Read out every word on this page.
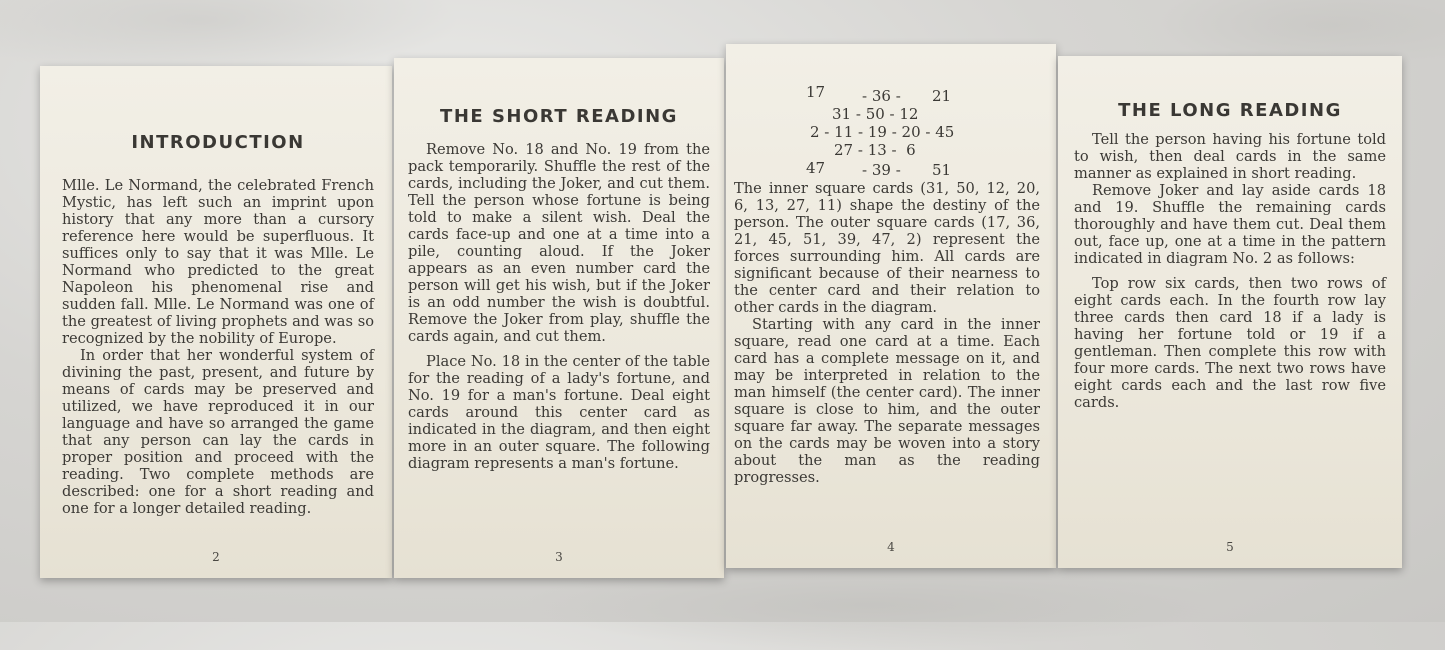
INTRODUCTION

Mlle. Le Normand, the celebrated French Mystic, has left such an imprint upon history that any more than a cursory reference here would be superfluous. It suffices only to say that it was Mlle. Le Normand who predicted to the great Napoleon his phenomenal rise and sudden fall. Mlle. Le Normand was one of the greatest of living prophets and was so recognized by the nobility of Europe.

In order that her wonderful system of divining the past, present, and future by means of cards may be preserved and utilized, we have reproduced it in our language and have so arranged the game that any person can lay the cards in proper position and proceed with the reading. Two complete methods are described: one for a short reading and one for a longer detailed reading.

2
THE SHORT READING

Remove No. 18 and No. 19 from the pack temporarily. Shuffle the rest of the cards, including the Joker, and cut them. Tell the person whose fortune is being told to make a silent wish. Deal the cards face-up and one at a time into a pile, counting aloud. If the Joker appears as an even number card the person will get his wish, but if the Joker is an odd number the wish is doubtful. Remove the Joker from play, shuffle the cards again, and cut them.

Place No. 18 in the center of the table for the reading of a lady's fortune, and No. 19 for a man's fortune. Deal eight cards around this center card as indicated in the diagram, and then eight more in an outer square. The following diagram represents a man's fortune.

3
17 - 36 - 21
31 - 50 - 12
2 - 11 - 19 - 20 - 45
27 - 13 -  6
47 - 39 - 51

The inner square cards (31, 50, 12, 20, 6, 13, 27, 11) shape the destiny of the person. The outer square cards (17, 36, 21, 45, 51, 39, 47, 2) represent the forces surrounding him. All cards are significant because of their nearness to the center card and their relation to other cards in the diagram.

Starting with any card in the inner square, read one card at a time. Each card has a complete message on it, and may be interpreted in relation to the man himself (the center card). The inner square is close to him, and the outer square far away. The separate messages on the cards may be woven into a story about the man as the reading progresses.

4
THE LONG READING

Tell the person having his fortune told to wish, then deal cards in the same manner as explained in short reading.

Remove Joker and lay aside cards 18 and 19. Shuffle the remaining cards thoroughly and have them cut. Deal them out, face up, one at a time in the pattern indicated in diagram No. 2 as follows:

Top row six cards, then two rows of eight cards each. In the fourth row lay three cards then card 18 if a lady is having her fortune told or 19 if a gentleman. Then complete this row with four more cards. The next two rows have eight cards each and the last row five cards.

5
